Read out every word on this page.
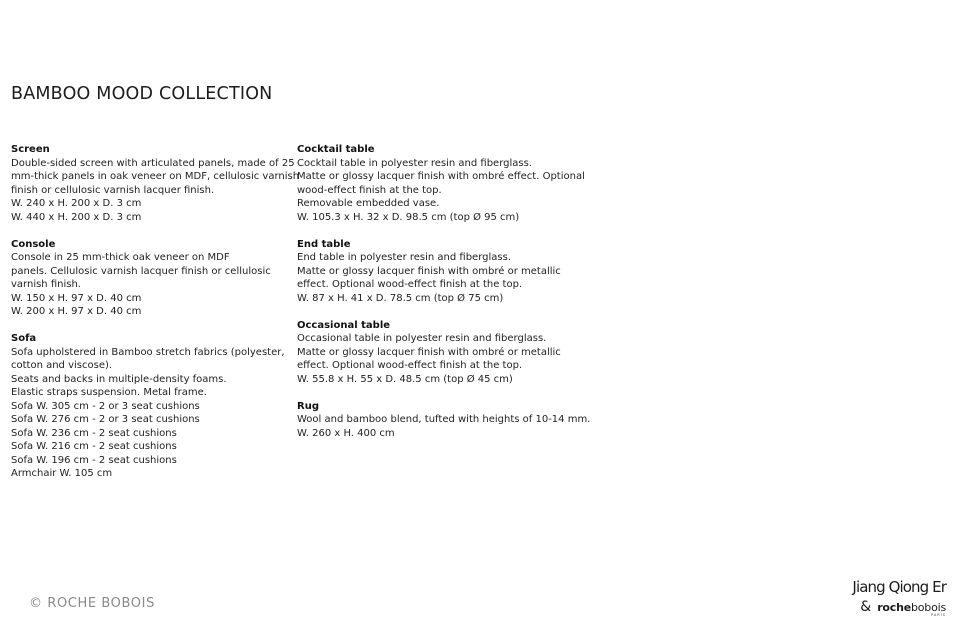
BAMBOO MOOD COLLECTION
Screen
Double-sided screen with articulated panels, made of 25
mm-thick panels in oak veneer on MDF, cellulosic varnish
finish or cellulosic varnish lacquer finish.
W. 240 x H. 200 x D. 3 cm
W. 440 x H. 200 x D. 3 cm
Console
Console in 25 mm-thick oak veneer on MDF
panels. Cellulosic varnish lacquer finish or cellulosic
varnish finish.
W. 150 x H. 97 x D. 40 cm
W. 200 x H. 97 x D. 40 cm
Sofa
Sofa upholstered in Bamboo stretch fabrics (polyester,
cotton and viscose).
Seats and backs in multiple-density foams.
Elastic straps suspension. Metal frame.
Sofa W. 305 cm - 2 or 3 seat cushions
Sofa W. 276 cm - 2 or 3 seat cushions
Sofa W. 236 cm - 2 seat cushions
Sofa W. 216 cm - 2 seat cushions
Sofa W. 196 cm - 2 seat cushions
Armchair W. 105 cm
Cocktail table
Cocktail table in polyester resin and fiberglass.
Matte or glossy lacquer finish with ombré effect. Optional
wood-effect finish at the top.
Removable embedded vase.
W. 105.3 x H. 32 x D. 98.5 cm (top Ø 95 cm)
End table
End table in polyester resin and fiberglass.
Matte or glossy lacquer finish with ombré or metallic
effect. Optional wood-effect finish at the top.
W. 87 x H. 41 x D. 78.5 cm (top Ø 75 cm)
Occasional table
Occasional table in polyester resin and fiberglass.
Matte or glossy lacquer finish with ombré or metallic
effect. Optional wood-effect finish at the top.
W. 55.8 x H. 55 x D. 48.5 cm (top Ø 45 cm)
Rug
Wool and bamboo blend, tufted with heights of 10-14 mm.
W. 260 x H. 400 cm
© ROCHE BOBOIS
Jiang Qiong Er
& rochebobois
PARIS
